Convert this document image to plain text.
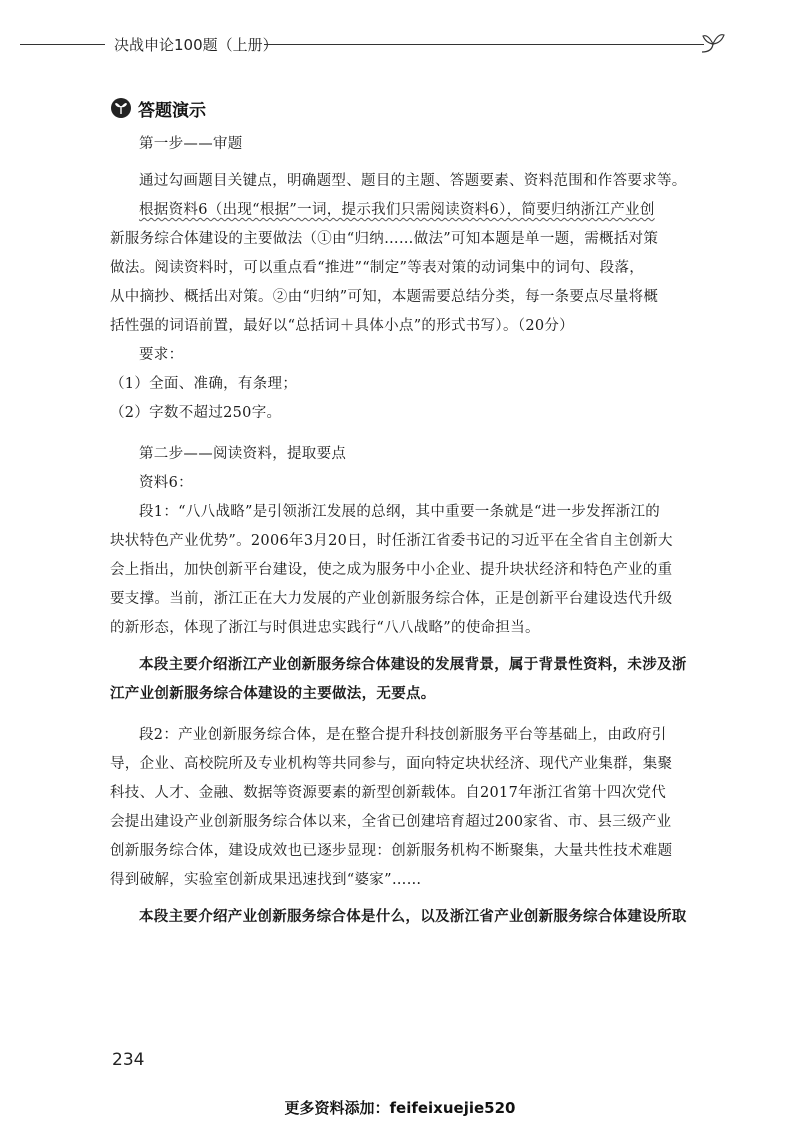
决战申论100题（上册）
答题演示

第一步——审题

通过勾画题目关键点，明确题型、题目的主题、答题要素、资料范围和作答要求等。

根据资料6（出现“根据”一词，提示我们只需阅读资料6），简要归纳浙江产业创

新服务综合体建设的主要做法（①由“归纳……做法”可知本题是单一题，需概括对策

做法。阅读资料时，可以重点看“推进”“制定”等表对策的动词集中的词句、段落，

从中摘抄、概括出对策。②由“归纳”可知，本题需要总结分类，每一条要点尽量将概

括性强的词语前置，最好以“总括词＋具体小点”的形式书写）。（20分）

要求：

（1）全面、准确，有条理；

（2）字数不超过250字。

第二步——阅读资料，提取要点

资料6：

段1：“八八战略”是引领浙江发展的总纲，其中重要一条就是“进一步发挥浙江的

块状特色产业优势”。2006年3月20日，时任浙江省委书记的习近平在全省自主创新大

会上指出，加快创新平台建设，使之成为服务中小企业、提升块状经济和特色产业的重

要支撑。当前，浙江正在大力发展的产业创新服务综合体，正是创新平台建设迭代升级

的新形态，体现了浙江与时俱进忠实践行“八八战略”的使命担当。

本段主要介绍浙江产业创新服务综合体建设的发展背景，属于背景性资料，未涉及浙

江产业创新服务综合体建设的主要做法，无要点。

段2：产业创新服务综合体，是在整合提升科技创新服务平台等基础上，由政府引

导，企业、高校院所及专业机构等共同参与，面向特定块状经济、现代产业集群，集聚

科技、人才、金融、数据等资源要素的新型创新载体。自2017年浙江省第十四次党代

会提出建设产业创新服务综合体以来，全省已创建培育超过200家省、市、县三级产业

创新服务综合体，建设成效也已逐步显现：创新服务机构不断聚集，大量共性技术难题

得到破解，实验室创新成果迅速找到“婆家”……

本段主要介绍产业创新服务综合体是什么，以及浙江省产业创新服务综合体建设所取

234
更多资料添加：feifeixuejie520
